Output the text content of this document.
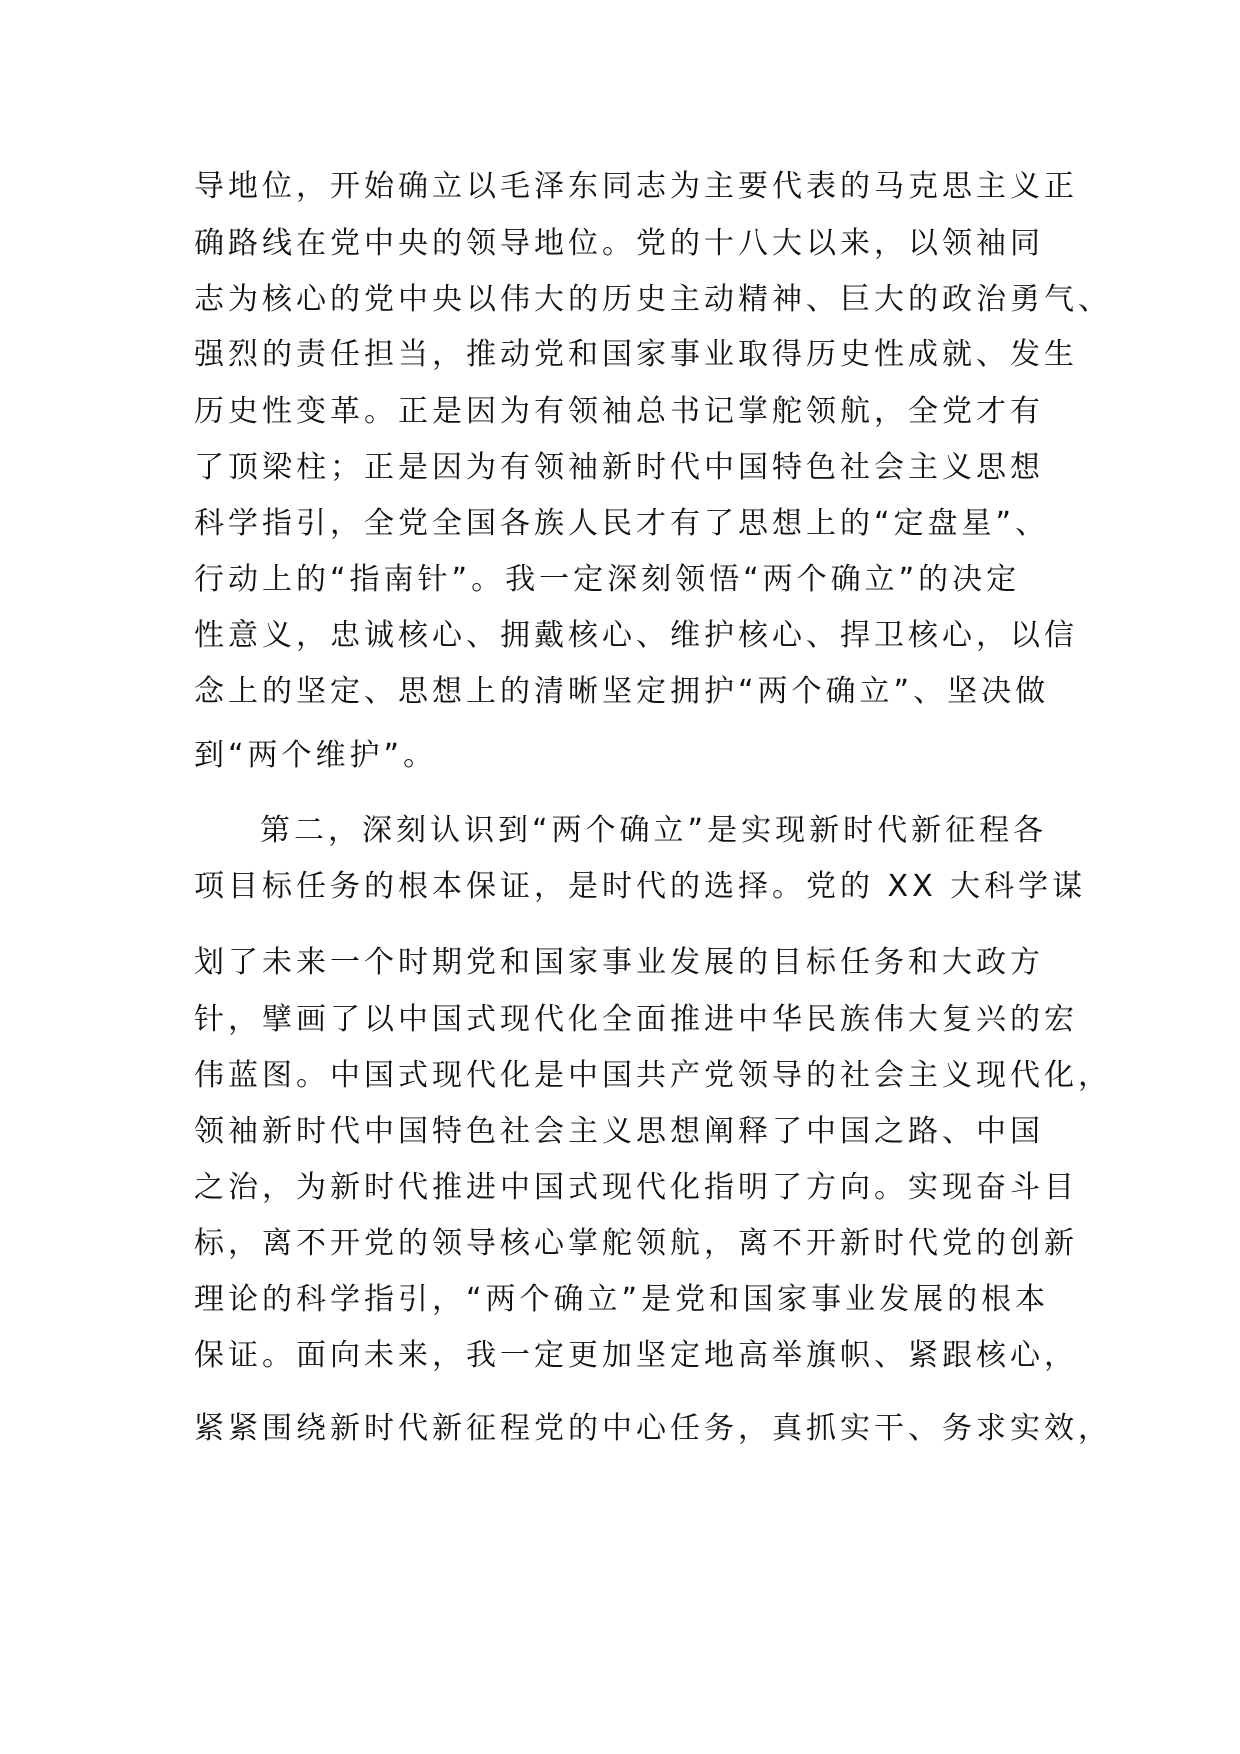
导地位，开始确立以毛泽东同志为主要代表的马克思主义正
确路线在党中央的领导地位。党的十八大以来，以领袖同
志为核心的党中央以伟大的历史主动精神、巨大的政治勇气、
强烈的责任担当，推动党和国家事业取得历史性成就、发生
历史性变革。正是因为有领袖总书记掌舵领航，全党才有
了顶梁柱；正是因为有领袖新时代中国特色社会主义思想
科学指引，全党全国各族人民才有了思想上的“定盘星”、
行动上的“指南针”。我一定深刻领悟“两个确立”的决定
性意义，忠诚核心、拥戴核心、维护核心、捍卫核心，以信
念上的坚定、思想上的清晰坚定拥护“两个确立”、坚决做
到“两个维护”。
第二，深刻认识到“两个确立”是实现新时代新征程各
项目标任务的根本保证，是时代的选择。党的 XX 大科学谋
划了未来一个时期党和国家事业发展的目标任务和大政方
针，擘画了以中国式现代化全面推进中华民族伟大复兴的宏
伟蓝图。中国式现代化是中国共产党领导的社会主义现代化，
领袖新时代中国特色社会主义思想阐释了中国之路、中国
之治，为新时代推进中国式现代化指明了方向。实现奋斗目
标，离不开党的领导核心掌舵领航，离不开新时代党的创新
理论的科学指引，“两个确立”是党和国家事业发展的根本
保证。面向未来，我一定更加坚定地高举旗帜、紧跟核心，
紧紧围绕新时代新征程党的中心任务，真抓实干、务求实效，
